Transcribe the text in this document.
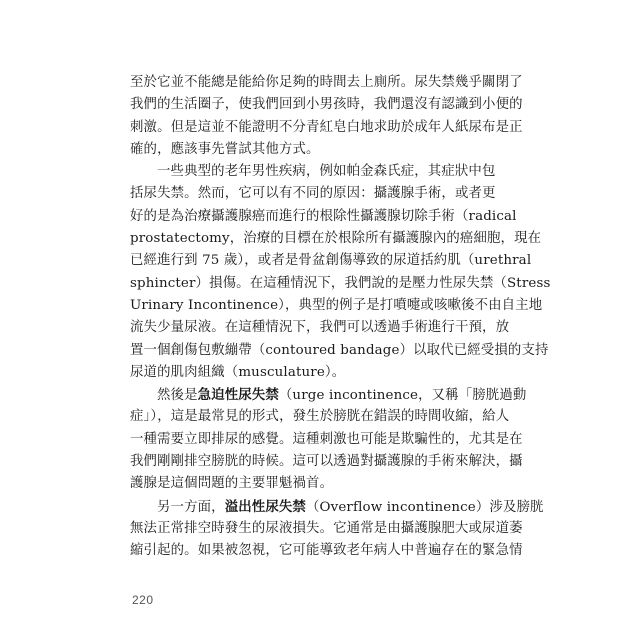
至於它並不能總是能給你足夠的時間去上廁所。尿失禁幾乎關閉了
我們的生活圈子，使我們回到小男孩時，我們還沒有認識到小便的
刺激。但是這並不能證明不分青紅皂白地求助於成年人紙尿布是正
確的，應該事先嘗試其他方式。
一些典型的老年男性疾病，例如帕金森氏症，其症狀中包
括尿失禁。然而，它可以有不同的原因：攝護腺手術，或者更
好的是為治療攝護腺癌而進行的根除性攝護腺切除手術（radical
prostatectomy，治療的目標在於根除所有攝護腺內的癌細胞，現在
已經進行到 75 歲），或者是骨盆創傷導致的尿道括約肌（urethral
sphincter）損傷。在這種情況下，我們說的是壓力性尿失禁（Stress
Urinary Incontinence），典型的例子是打噴嚏或咳嗽後不由自主地
流失少量尿液。在這種情況下，我們可以透過手術進行干預，放
置一個創傷包敷繃帶（contoured bandage）以取代已經受損的支持
尿道的肌肉組織（musculature）。
然後是急迫性尿失禁（urge incontinence，又稱「膀胱過動
症」），這是最常見的形式，發生於膀胱在錯誤的時間收縮，給人
一種需要立即排尿的感覺。這種刺激也可能是欺騙性的，尤其是在
我們剛剛排空膀胱的時候。這可以透過對攝護腺的手術來解決，攝
護腺是這個問題的主要罪魁禍首。
另一方面，溢出性尿失禁（Overflow incontinence）涉及膀胱
無法正常排空時發生的尿液損失。它通常是由攝護腺肥大或尿道萎
縮引起的。如果被忽視，它可能導致老年病人中普遍存在的緊急情
220
